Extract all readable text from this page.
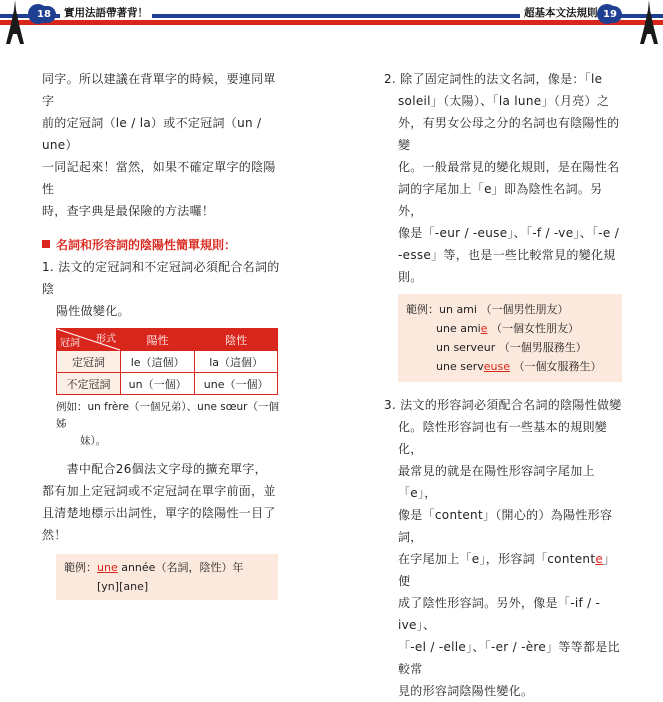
18	實用法語帶著背！	超基本文法規則 19

同字。所以建議在背單字的時候，要連同單字

前的定冠詞（le / la）或不定冠詞（un / une）

一同記起來！當然，如果不確定單字的陰陽性

時，查字典是最保險的方法囉！

名詞和形容詞的陰陽性簡單規則：

1. 法文的定冠詞和不定冠詞必須配合名詞的陰

陽性做變化。

形式
冠詞	陽性	陰性
定冠詞	le（這個）	la（這個）
不定冠詞	un（一個）	une（一個）
例如：un frère（一個兄弟）、une sœur（一個姊
妹）。

　　書中配合26個法文字母的擴充單字，

都有加上定冠詞或不定冠詞在單字前面，並

且清楚地標示出詞性，單字的陰陽性一目了

然！

範例：une année（名詞，陰性）年
[yn][ane]

2. 除了固定詞性的法文名詞，像是：「le

soleil」（太陽）、「la lune」（月亮）之

外，有男女公母之分的名詞也有陰陽性的變

化。一般最常見的變化規則，是在陽性名

詞的字尾加上「e」即為陰性名詞。另外，

像是「-eur / -euse」、「-f / -ve」、「-e /

-esse」等，也是一些比較常見的變化規則。

範例：un ami （一個男性朋友）
une amie （一個女性朋友）
un serveur （一個男服務生）
une serveuse （一個女服務生）

3. 法文的形容詞必須配合名詞的陰陽性做變

化。陰性形容詞也有一些基本的規則變化，

最常見的就是在陽性形容詞字尾加上「e」，

像是「content」（開心的）為陽性形容詞，

在字尾加上「e」，形容詞「contente」便

成了陰性形容詞。另外，像是「-if / -ive」、

「-el / -elle」、「-er / -ère」等等都是比較常

見的形容詞陰陽性變化。
